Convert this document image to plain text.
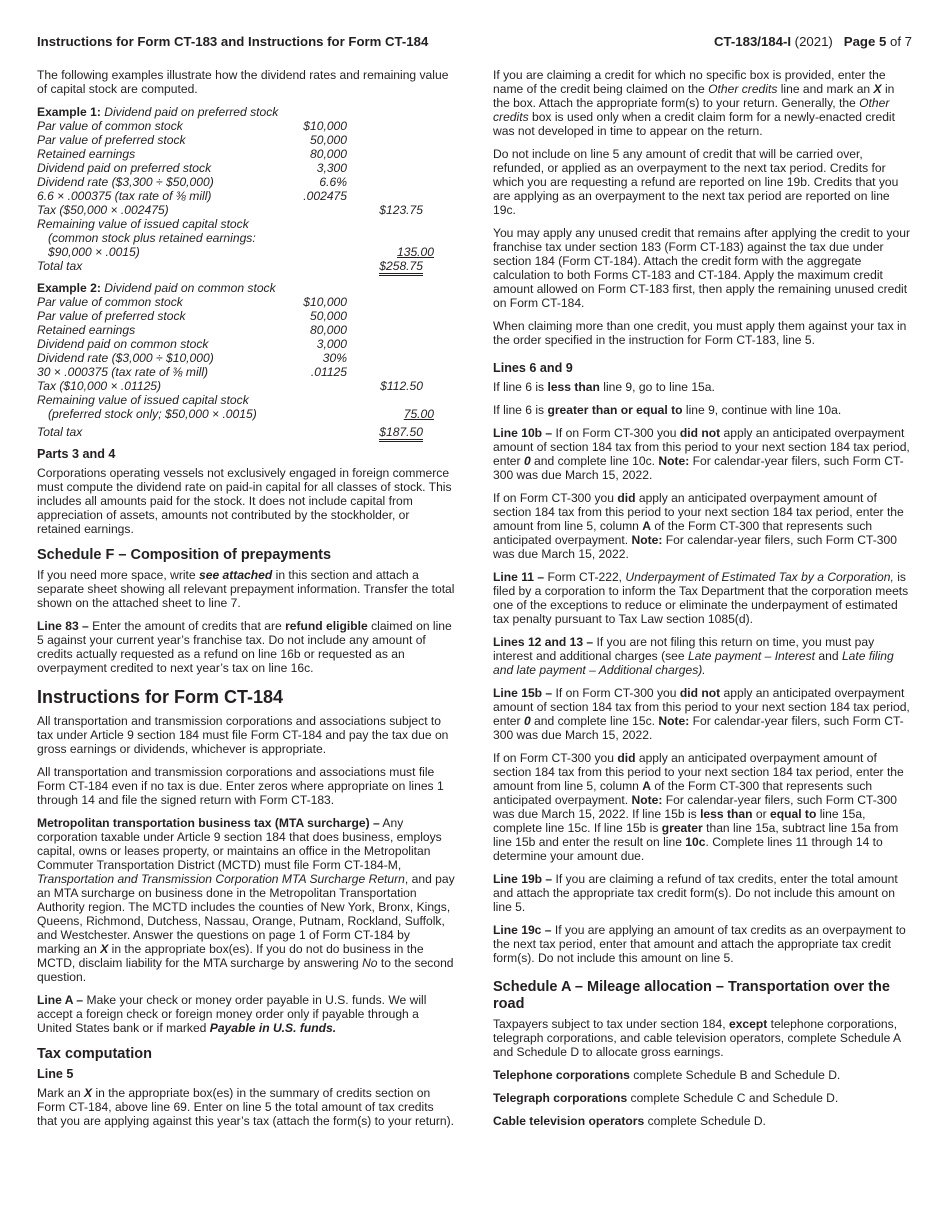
Instructions for Form CT-183 and Instructions for Form CT-184	CT-183/184-I (2021) Page 5 of 7

The following examples illustrate how the dividend rates and remaining value of capital stock are computed.

Example 1: Dividend paid on preferred stock
Par value of common stock	$10,000
Par value of preferred stock	50,000
Retained earnings	80,000
Dividend paid on preferred stock	3,300
Dividend rate ($3,300 ÷ $50,000)	6.6%
6.6 × .000375 (tax rate of ⅜ mill)	.002475
Tax ($50,000 × .002475)	$123.75
Remaining value of issued capital stock
(common stock plus retained earnings:
$90,000 × .0015)	135.00
Total tax	$258.75
Example 2: Dividend paid on common stock
Par value of common stock	$10,000
Par value of preferred stock	50,000
Retained earnings	80,000
Dividend paid on common stock	3,000
Dividend rate ($3,000 ÷ $10,000)	30%
30 × .000375 (tax rate of ⅜ mill)	.01125
Tax ($10,000 × .01125)	$112.50
Remaining value of issued capital stock
(preferred stock only; $50,000 × .0015)	75.00
Total tax	$187.50
Parts 3 and 4

Corporations operating vessels not exclusively engaged in foreign commerce must compute the dividend rate on paid-in capital for all classes of stock. This includes all amounts paid for the stock. It does not include capital from appreciation of assets, amounts not contributed by the stockholder, or retained earnings.

Schedule F – Composition of prepayments

If you need more space, write see attached in this section and attach a separate sheet showing all relevant prepayment information. Transfer the total shown on the attached sheet to line 7.

Line 83 – Enter the amount of credits that are refund eligible claimed on line 5 against your current year’s franchise tax. Do not include any amount of credits actually requested as a refund on line 16b or requested as an overpayment credited to next year’s tax on line 16c.

Instructions for Form CT-184

All transportation and transmission corporations and associations subject to tax under Article 9 section 184 must file Form CT-184 and pay the tax due on gross earnings or dividends, whichever is appropriate.

All transportation and transmission corporations and associations must file Form CT-184 even if no tax is due. Enter zeros where appropriate on lines 1 through 14 and file the signed return with Form CT-183.

Metropolitan transportation business tax (MTA surcharge) – Any corporation taxable under Article 9 section 184 that does business, employs capital, owns or leases property, or maintains an office in the Metropolitan Commuter Transportation District (MCTD) must file Form CT-184-M, Transportation and Transmission Corporation MTA Surcharge Return, and pay an MTA surcharge on business done in the Metropolitan Transportation Authority region. The MCTD includes the counties of New York, Bronx, Kings, Queens, Richmond, Dutchess, Nassau, Orange, Putnam, Rockland, Suffolk, and Westchester. Answer the questions on page 1 of Form CT-184 by marking an X in the appropriate box(es). If you do not do business in the MCTD, disclaim liability for the MTA surcharge by answering No to the second question.

Line A – Make your check or money order payable in U.S. funds. We will accept a foreign check or foreign money order only if payable through a United States bank or if marked Payable in U.S. funds.

Tax computation
Line 5

Mark an X in the appropriate box(es) in the summary of credits section on Form CT-184, above line 69. Enter on line 5 the total amount of tax credits that you are applying against this year’s tax (attach the form(s) to your return).

If you are claiming a credit for which no specific box is provided, enter the name of the credit being claimed on the Other credits line and mark an X in the box. Attach the appropriate form(s) to your return. Generally, the Other credits box is used only when a credit claim form for a newly-enacted credit was not developed in time to appear on the return.

Do not include on line 5 any amount of credit that will be carried over, refunded, or applied as an overpayment to the next tax period. Credits for which you are requesting a refund are reported on line 19b. Credits that you are applying as an overpayment to the next tax period are reported on line 19c.

You may apply any unused credit that remains after applying the credit to your franchise tax under section 183 (Form CT-183) against the tax due under section 184 (Form CT-184). Attach the credit form with the aggregate calculation to both Forms CT-183 and CT-184. Apply the maximum credit amount allowed on Form CT-183 first, then apply the remaining unused credit on Form CT-184.

When claiming more than one credit, you must apply them against your tax in the order specified in the instruction for Form CT-183, line 5.

Lines 6 and 9

If line 6 is less than line 9, go to line 15a.

If line 6 is greater than or equal to line 9, continue with line 10a.

Line 10b – If on Form CT-300 you did not apply an anticipated overpayment amount of section 184 tax from this period to your next section 184 tax period, enter 0 and complete line 10c. Note: For calendar-year filers, such Form CT-300 was due March 15, 2022.

If on Form CT-300 you did apply an anticipated overpayment amount of section 184 tax from this period to your next section 184 tax period, enter the amount from line 5, column A of the Form CT-300 that represents such anticipated overpayment. Note: For calendar-year filers, such Form CT-300 was due March 15, 2022.

Line 11 – Form CT-222, Underpayment of Estimated Tax by a Corporation, is filed by a corporation to inform the Tax Department that the corporation meets one of the exceptions to reduce or eliminate the underpayment of estimated tax penalty pursuant to Tax Law section 1085(d).

Lines 12 and 13 – If you are not filing this return on time, you must pay interest and additional charges (see Late payment – Interest and Late filing and late payment – Additional charges).

Line 15b – If on Form CT-300 you did not apply an anticipated overpayment amount of section 184 tax from this period to your next section 184 tax period, enter 0 and complete line 15c. Note: For calendar-year filers, such Form CT-300 was due March 15, 2022.

If on Form CT-300 you did apply an anticipated overpayment amount of section 184 tax from this period to your next section 184 tax period, enter the amount from line 5, column A of the Form CT-300 that represents such anticipated overpayment. Note: For calendar-year filers, such Form CT-300 was due March 15, 2022. If line 15b is less than or equal to line 15a, complete line 15c. If line 15b is greater than line 15a, subtract line 15a from line 15b and enter the result on line 10c. Complete lines 11 through 14 to determine your amount due.

Line 19b – If you are claiming a refund of tax credits, enter the total amount and attach the appropriate tax credit form(s). Do not include this amount on line 5.

Line 19c – If you are applying an amount of tax credits as an overpayment to the next tax period, enter that amount and attach the appropriate tax credit form(s). Do not include this amount on line 5.

Schedule A – Mileage allocation – Transportation over the road

Taxpayers subject to tax under section 184, except telephone corporations, telegraph corporations, and cable television operators, complete Schedule A and Schedule D to allocate gross earnings.

Telephone corporations complete Schedule B and Schedule D.

Telegraph corporations complete Schedule C and Schedule D.

Cable television operators complete Schedule D.
